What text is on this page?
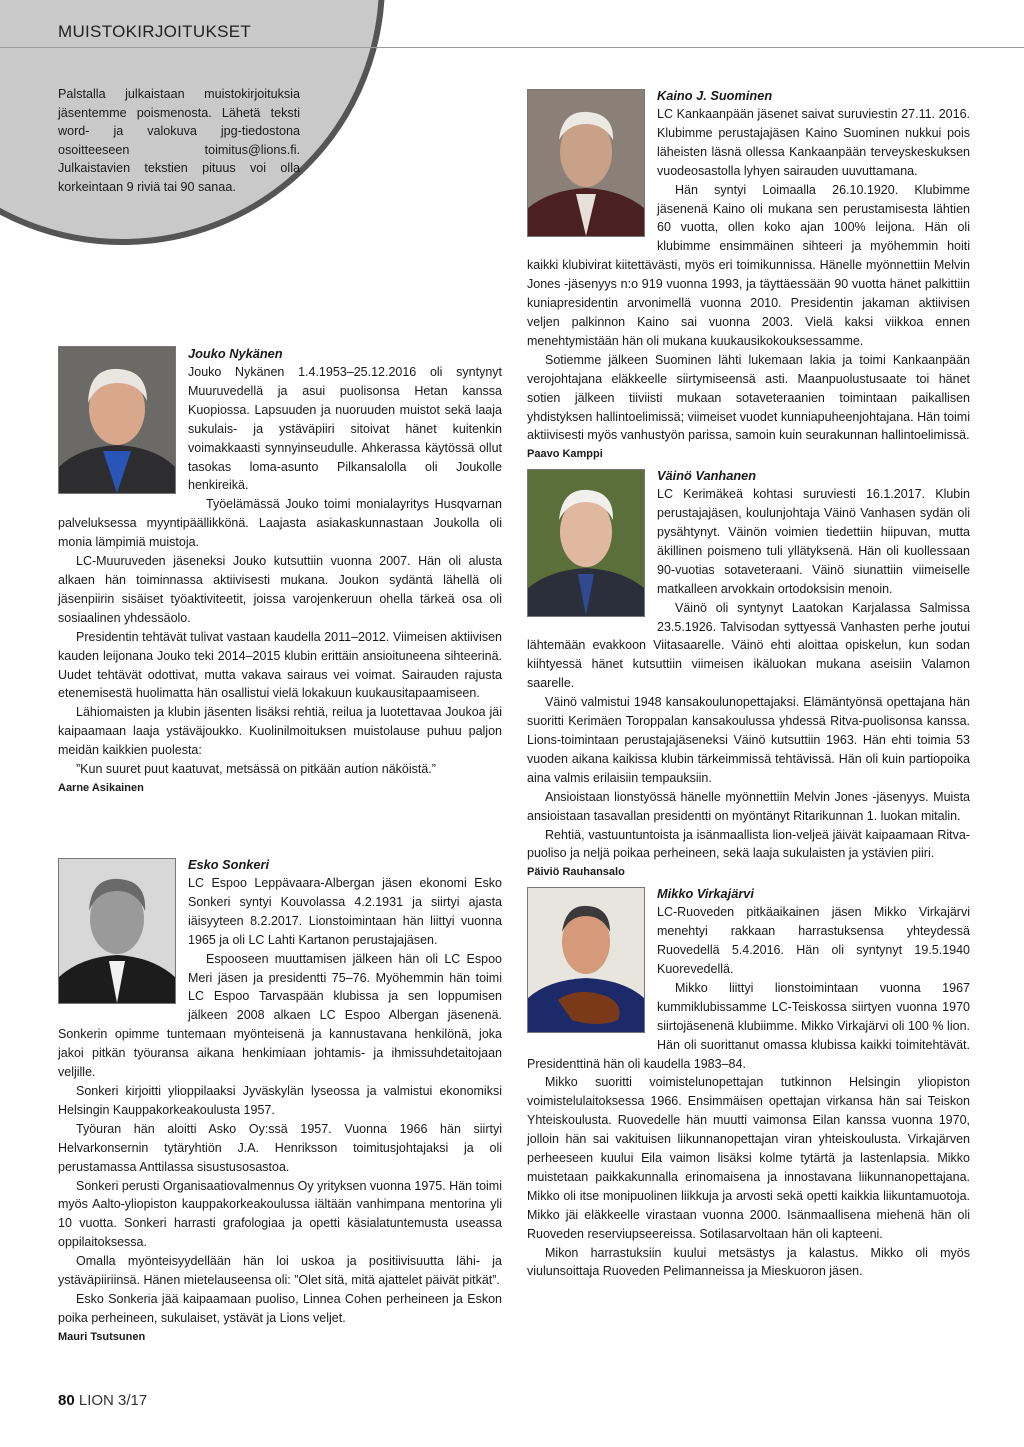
MUISTOKIRJOITUKSET

Palstalla julkaistaan muistokirjoituksia jäsentemme poismenosta. Lähetä teksti word- ja valokuva jpg-tiedostona osoitteeseen toimitus@lions.fi. Julkaistavien tekstien pituus voi olla korkeintaan 9 riviä tai 90 sanaa.

Jouko Nykänen

Jouko Nykänen 1.4.1953–25.12.2016 oli syntynyt Muuruvedellä ja asui puolisonsa Hetan kanssa Kuopiossa. Lapsuuden ja nuoruuden muistot sekä laaja sukulais- ja ystäväpiiri sitoivat hänet kuitenkin voimakkaasti synnyinseudulle. Ahkerassa käytössä ollut tasokas loma-asunto Pilkansalolla oli Joukolle henkireikä.

Työelämässä Jouko toimi monialayritys Husqvarnan palveluksessa myyntipäällikkönä. Laajasta asiakaskunnastaan Joukolla oli monia lämpimiä muistoja.

LC-Muuruveden jäseneksi Jouko kutsuttiin vuonna 2007. Hän oli alusta alkaen hän toiminnassa aktiivisesti mukana. Joukon sydäntä lähellä oli jäsenpiirin sisäiset työaktiviteetit, joissa varojenkeruun ohella tärkeä osa oli sosiaalinen yhdessäolo.

Presidentin tehtävät tulivat vastaan kaudella 2011–2012. Viimeisen aktiivisen kauden leijonana Jouko teki 2014–2015 klubin erittäin ansioituneena sihteerinä. Uudet tehtävät odottivat, mutta vakava sairaus vei voimat. Sairauden rajusta etenemisestä huolimatta hän osallistui vielä lokakuun kuukausitapaamiseen.

Lähiomaisten ja klubin jäsenten lisäksi rehtiä, reilua ja luotettavaa Joukoa jäi kaipaamaan laaja ystäväjoukko. Kuolinilmoituksen muistolause puhuu paljon meidän kaikkien puolesta:

”Kun suuret puut kaatuvat, metsässä on pitkään aution näköistä.”

Aarne Asikainen

Esko Sonkeri

LC Espoo Leppävaara-Albergan jäsen ekonomi Esko Sonkeri syntyi Kouvolassa 4.2.1931 ja siirtyi ajasta iäisyyteen 8.2.2017. Lionstoimintaan hän liittyi vuonna 1965 ja oli LC Lahti Kartanon perustajajäsen.

Espooseen muuttamisen jälkeen hän oli LC Espoo Meri jäsen ja presidentti 75–76. Myöhemmin hän toimi LC Espoo Tarvaspään klubissa ja sen loppumisen jälkeen 2008 alkaen LC Espoo Albergan jäsenenä. Sonkerin opimme tuntemaan myönteisenä ja kannustavana henkilönä, joka jakoi pitkän työuransa aikana henkimiaan johtamis- ja ihmissuhdetaitojaan veljille.

Sonkeri kirjoitti ylioppilaaksi Jyväskylän lyseossa ja valmistui ekonomiksi Helsingin Kauppakorkeakoulusta 1957.

Työuran hän aloitti Asko Oy:ssä 1957. Vuonna 1966 hän siirtyi Helvarkonsernin tytäryhtiön J.A. Henriksson toimitusjohtajaksi ja oli perustamassa Anttilassa sisustusosastoa.

Sonkeri perusti Organisaatiovalmennus Oy yrityksen vuonna 1975. Hän toimi myös Aalto-yliopiston kauppakorkeakoulussa iältään vanhimpana mentorina yli 10 vuotta. Sonkeri harrasti grafologiaa ja opetti käsialatuntemusta useassa oppilaitoksessa.

Omalla myönteisyydellään hän loi uskoa ja positiivisuutta lähi- ja ystäväpiiriinsä. Hänen mietelauseensa oli: ”Olet sitä, mitä ajattelet päivät pitkät”.

Esko Sonkeria jää kaipaamaan puoliso, Linnea Cohen perheineen ja Eskon poika perheineen, sukulaiset, ystävät ja Lions veljet.

Mauri Tsutsunen

Kaino J. Suominen

LC Kankaanpään jäsenet saivat suruviestin 27.11. 2016. Klubimme perustajajäsen Kaino Suominen nukkui pois läheisten läsnä ollessa Kankaanpään terveyskeskuksen vuodeosastolla lyhyen sairauden uuvuttamana.

Hän syntyi Loimaalla 26.10.1920. Klubimme jäsenenä Kaino oli mukana sen perustamisesta lähtien 60 vuotta, ollen koko ajan 100% leijona. Hän oli klubimme ensimmäinen sihteeri ja myöhemmin hoiti kaikki klubivirat kiitettävästi, myös eri toimikunnissa. Hänelle myönnettiin Melvin Jones -jäsenyys n:o 919 vuonna 1993, ja täyttäessään 90 vuotta hänet palkittiin kuniapresidentin arvonimellä vuonna 2010. Presidentin jakaman aktiivisen veljen palkinnon Kaino sai vuonna 2003. Vielä kaksi viikkoa ennen menehtymistään hän oli mukana kuukausikokouksessamme.

Sotiemme jälkeen Suominen lähti lukemaan lakia ja toimi Kankaanpään verojohtajana eläkkeelle siirtymiseensä asti. Maanpuolustusaate toi hänet sotien jälkeen tiiviisti mukaan sotaveteraanien toimintaan paikallisen yhdistyksen hallintoelimissä; viimeiset vuodet kunniapuheenjohtajana. Hän toimi aktiivisesti myös vanhustyön parissa, samoin kuin seurakunnan hallintoelimissä.

Paavo Kamppi

Väinö Vanhanen

LC Kerimäkeä kohtasi suruviesti 16.1.2017. Klubin perustajajäsen, koulunjohtaja Väinö Vanhasen sydän oli pysähtynyt. Väinön voimien tiedettiin hiipuvan, mutta äkillinen poismeno tuli yllätyksenä. Hän oli kuollessaan 90-vuotias sotaveteraani. Väinö siunattiin viimeiselle matkalleen arvokkain ortodoksisin menoin.

Väinö oli syntynyt Laatokan Karjalassa Salmissa 23.5.1926. Talvisodan syttyessä Vanhasten perhe joutui lähtemään evakkoon Viitasaarelle. Väinö ehti aloittaa opiskelun, kun sodan kiihtyessä hänet kutsuttiin viimeisen ikäluokan mukana aseisiin Valamon saarelle.

Väinö valmistui 1948 kansakoulunopettajaksi. Elämäntyönsä opettajana hän suoritti Kerimäen Toroppalan kansakoulussa yhdessä Ritva-puolisonsa kanssa. Lions-toimintaan perustajajäseneksi Väinö kutsuttiin 1963. Hän ehti toimia 53 vuoden aikana kaikissa klubin tärkeimmissä tehtävissä. Hän oli kuin partiopoika aina valmis erilaisiin tempauksiin.

Ansioistaan lionstyössä hänelle myönnettiin Melvin Jones -jäsenyys. Muista ansioistaan tasavallan presidentti on myöntänyt Ritarikunnan 1. luokan mitalin.

Rehtiä, vastuuntuntoista ja isänmaallista lion-veljeä jäivät kaipaamaan Ritva-puoliso ja neljä poikaa perheineen, sekä laaja sukulaisten ja ystävien piiri.

Päiviö Rauhansalo

Mikko Virkajärvi

LC-Ruoveden pitkäaikainen jäsen Mikko Virkajärvi menehtyi rakkaan harrastuksensa yhteydessä Ruovedellä 5.4.2016. Hän oli syntynyt 19.5.1940 Kuorevedellä.

Mikko liittyi lionstoimintaan vuonna 1967 kummiklubissamme LC-Teiskossa siirtyen vuonna 1970 siirtojäsenenä klubiimme. Mikko Virkajärvi oli 100 % lion. Hän oli suorittanut omassa klubissa kaikki toimitehtävät. Presidenttinä hän oli kaudella 1983–84.

Mikko suoritti voimistelunopettajan tutkinnon Helsingin yliopiston voimistelulaitoksessa 1966. Ensimmäisen opettajan virkansa hän sai Teiskon Yhteiskoulusta. Ruovedelle hän muutti vaimonsa Eilan kanssa vuonna 1970, jolloin hän sai vakituisen liikunnanopettajan viran yhteiskoulusta. Virkajärven perheeseen kuului Eila vaimon lisäksi kolme tytärtä ja lastenlapsia. Mikko muistetaan paikkakunnalla erinomaisena ja innostavana liikunnanopettajana. Mikko oli itse monipuolinen liikkuja ja arvosti sekä opetti kaikkia liikuntamuotoja. Mikko jäi eläkkeelle virastaan vuonna 2000. Isänmaallisena miehenä hän oli Ruoveden reserviupseereissa. Sotilasarvoltaan hän oli kapteeni.

Mikon harrastuksiin kuului metsästys ja kalastus. Mikko oli myös viulunsoittaja Ruoveden Pelimanneissa ja Mieskuoron jäsen.

80 LION 3/17
